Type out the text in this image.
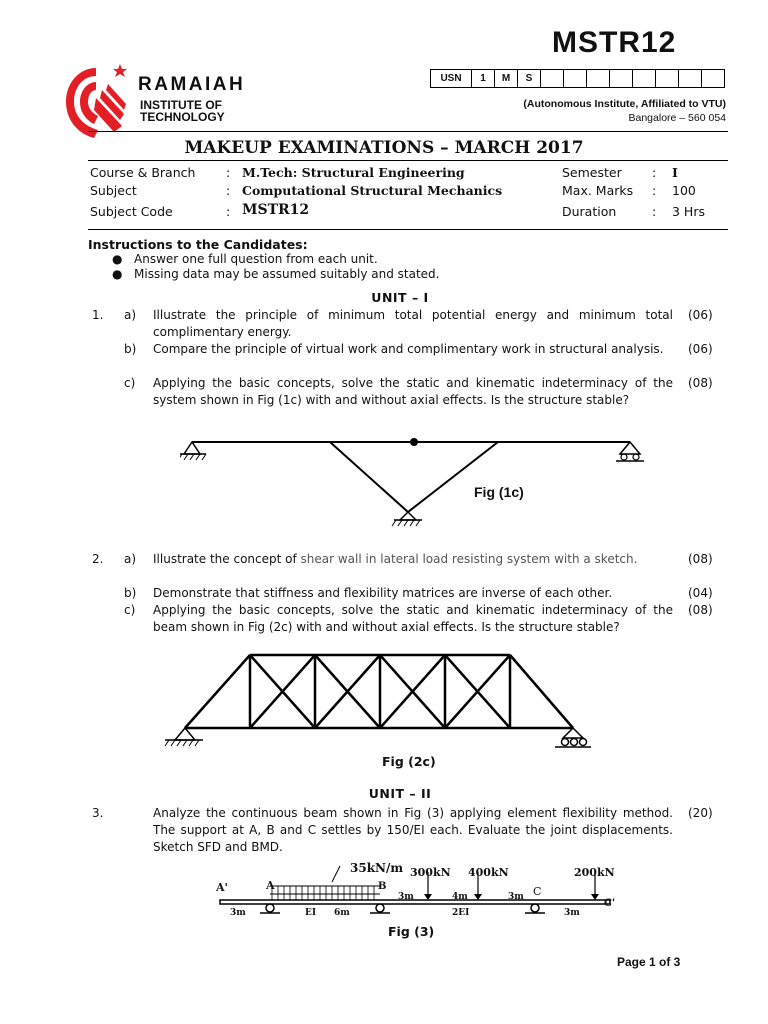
MSTR12
USN	1	M	S								
(Autonomous Institute, Affiliated to VTU)
Bangalore – 560 054
RAMAIAH
INSTITUTE OF
TECHNOLOGY
MAKEUP EXAMINATIONS – MARCH 2017
Course & Branch : M.Tech: Structural Engineering
Subject	: Computational Structural Mechanics
Subject Code	: MSTR12
Semester : I
Max. Marks : 100
Duration	: 3 Hrs
Instructions to the Candidates:
● Answer one full question from each unit.
● Missing data may be assumed suitably and stated.
UNIT – I
1. a) Illustrate the principle of minimum total potential energy and minimum total complimentary energy.
(06)
b) Compare the principle of virtual work and complimentary work in structural analysis.	(06)
c) Applying the basic concepts, solve the static and kinematic indeterminacy of the system shown in Fig (1c) with and without axial effects. Is the structure stable?
(08)
Fig (1c)
2. a) Illustrate the concept of shear wall in lateral load resisting system with a sketch.	(08)
b) Demonstrate that stiffness and flexibility matrices are inverse of each other.	(04)
c) Applying the basic concepts, solve the static and kinematic indeterminacy of the beam shown in Fig (2c) with and without axial effects. Is the structure stable?
(08)
Fig (2c)
UNIT – II
3.	Analyze the continuous beam shown in Fig (3) applying element flexibility method. The support at A, B and C settles by 150/EI each. Evaluate the joint displacements. Sketch SFD and BMD.
(20)
35kN/m 300kN 400kN	200kN
A'	A	B	C
C'
3m	EI 6m
3m	4m
2EI
3m
3m
Fig (3)
Page 1 of 3
